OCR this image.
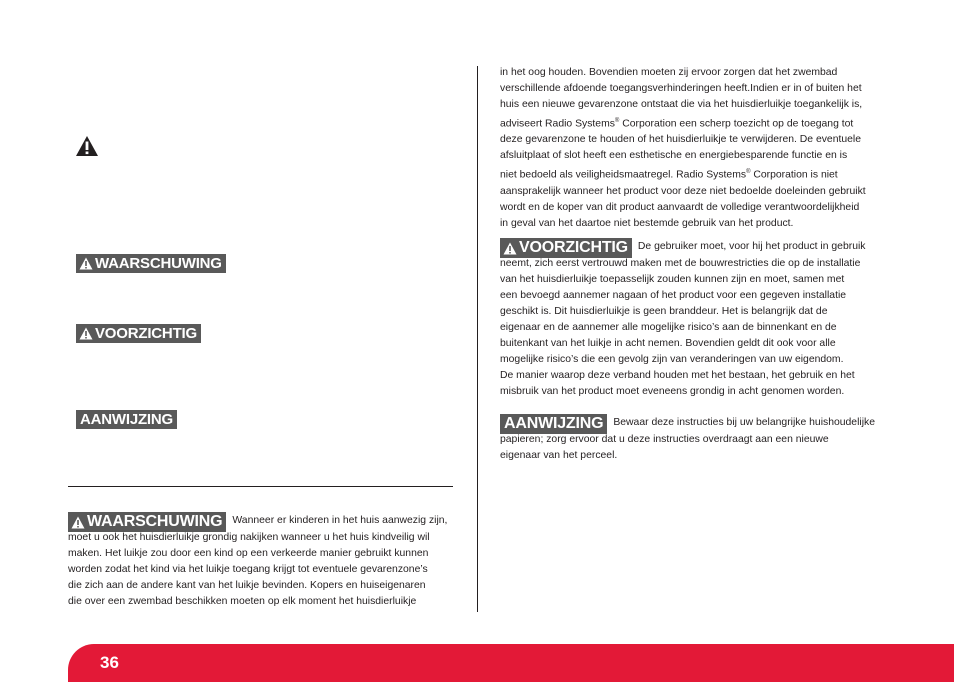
WAARSCHUWING
VOORZICHTIG
AANWIJZING
WAARSCHUWING Wanneer er kinderen in het huis aanwezig zijn,
moet u ook het huisdierluikje grondig nakijken wanneer u het huis kindveilig wil
maken. Het luikje zou door een kind op een verkeerde manier gebruikt kunnen
worden zodat het kind via het luikje toegang krijgt tot eventuele gevarenzone’s
die zich aan de andere kant van het luikje bevinden. Kopers en huiseigenaren
die over een zwembad beschikken moeten op elk moment het huisdierluikje
in het oog houden. Bovendien moeten zij ervoor zorgen dat het zwembad
verschillende afdoende toegangsverhinderingen heeft.Indien er in of buiten het
huis een nieuwe gevarenzone ontstaat die via het huisdierluikje toegankelijk is,
adviseert Radio Systems® Corporation een scherp toezicht op de toegang tot
deze gevarenzone te houden of het huisdierluikje te verwijderen. De eventuele
afsluitplaat of slot heeft een esthetische en energiebesparende functie en is
niet bedoeld als veiligheidsmaatregel. Radio Systems® Corporation is niet
aansprakelijk wanneer het product voor deze niet bedoelde doeleinden gebruikt
wordt en de koper van dit product aanvaardt de volledige verantwoordelijkheid
in geval van het daartoe niet bestemde gebruik van het product.
VOORZICHTIG De gebruiker moet, voor hij het product in gebruik
neemt, zich eerst vertrouwd maken met de bouwrestricties die op de installatie
van het huisdierluikje toepasselijk zouden kunnen zijn en moet, samen met
een bevoegd aannemer nagaan of het product voor een gegeven installatie
geschikt is. Dit huisdierluikje is geen branddeur. Het is belangrijk dat de
eigenaar en de aannemer alle mogelijke risico’s aan de binnenkant en de
buitenkant van het luikje in acht nemen. Bovendien geldt dit ook voor alle
mogelijke risico’s die een gevolg zijn van veranderingen van uw eigendom.
De manier waarop deze verband houden met het bestaan, het gebruik en het
misbruik van het product moet eveneens grondig in acht genomen worden.
AANWIJZING Bewaar deze instructies bij uw belangrijke huishoudelijke
papieren; zorg ervoor dat u deze instructies overdraagt aan een nieuwe
eigenaar van het perceel.
36
